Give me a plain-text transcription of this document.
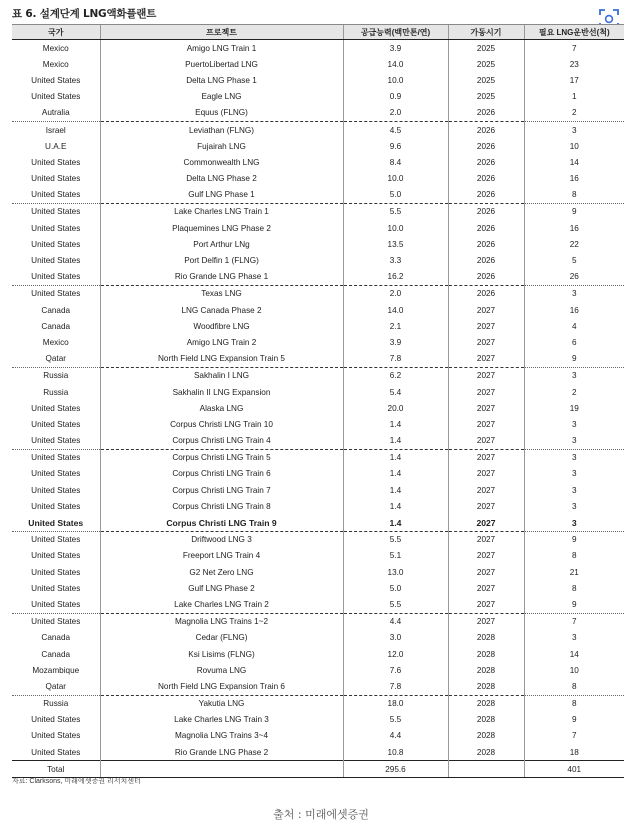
표 6. 설계단계 LNG액화플랜트
국가	프로젝트	공급능력(백만톤/연)	가동시기	필요 LNG운반선(척)
Mexico	Amigo LNG Train 1	3.9	2025	7
Mexico	PuertoLibertad LNG	14.0	2025	23
United States	Delta LNG Phase 1	10.0	2025	17
United States	Eagle LNG	0.9	2025	1
Autralia	Equus (FLNG)	2.0	2026	2
Israel	Leviathan (FLNG)	4.5	2026	3
U.A.E	Fujairah LNG	9.6	2026	10
United States	Commonwealth LNG	8.4	2026	14
United States	Delta LNG Phase 2	10.0	2026	16
United States	Gulf LNG Phase 1	5.0	2026	8
United States	Lake Charles LNG Train 1	5.5	2026	9
United States	Plaquemines LNG Phase 2	10.0	2026	16
United States	Port Arthur LNg	13.5	2026	22
United States	Port Delfin 1 (FLNG)	3.3	2026	5
United States	Rio Grande LNG Phase 1	16.2	2026	26
United States	Texas LNG	2.0	2026	3
Canada	LNG Canada Phase 2	14.0	2027	16
Canada	Woodfibre LNG	2.1	2027	4
Mexico	Amigo LNG Train 2	3.9	2027	6
Qatar	North Field LNG Expansion Train 5	7.8	2027	9
Russia	Sakhalin I LNG	6.2	2027	3
Russia	Sakhalin II LNG Expansion	5.4	2027	2
United States	Alaska LNG	20.0	2027	19
United States	Corpus Christi LNG Train 10	1.4	2027	3
United States	Corpus Christi LNG Train 4	1.4	2027	3
United States	Corpus Christi LNG Train 5	1.4	2027	3
United States	Corpus Christi LNG Train 6	1.4	2027	3
United States	Corpus Christi LNG Train 7	1.4	2027	3
United States	Corpus Christi LNG Train 8	1.4	2027	3
United States	Corpus Christi LNG Train 9	1.4	2027	3
United States	Driftwood LNG 3	5.5	2027	9
United States	Freeport LNG Train 4	5.1	2027	8
United States	G2 Net Zero LNG	13.0	2027	21
United States	Gulf LNG Phase 2	5.0	2027	8
United States	Lake Charles LNG Train 2	5.5	2027	9
United States	Magnolia LNG Trains 1~2	4.4	2027	7
Canada	Cedar (FLNG)	3.0	2028	3
Canada	Ksi Lisims (FLNG)	12.0	2028	14
Mozambique	Rovuma LNG	7.6	2028	10
Qatar	North Field LNG Expansion Train 6	7.8	2028	8
Russia	Yakutia LNG	18.0	2028	8
United States	Lake Charles LNG Train 3	5.5	2028	9
United States	Magnolia LNG Trains 3~4	4.4	2028	7
United States	Rio Grande LNG Phase 2	10.8	2028	18
Total		295.6		401
자료: Clarksons, 미래에셋증권 리서치센터
출처 : 미래에셋증권
